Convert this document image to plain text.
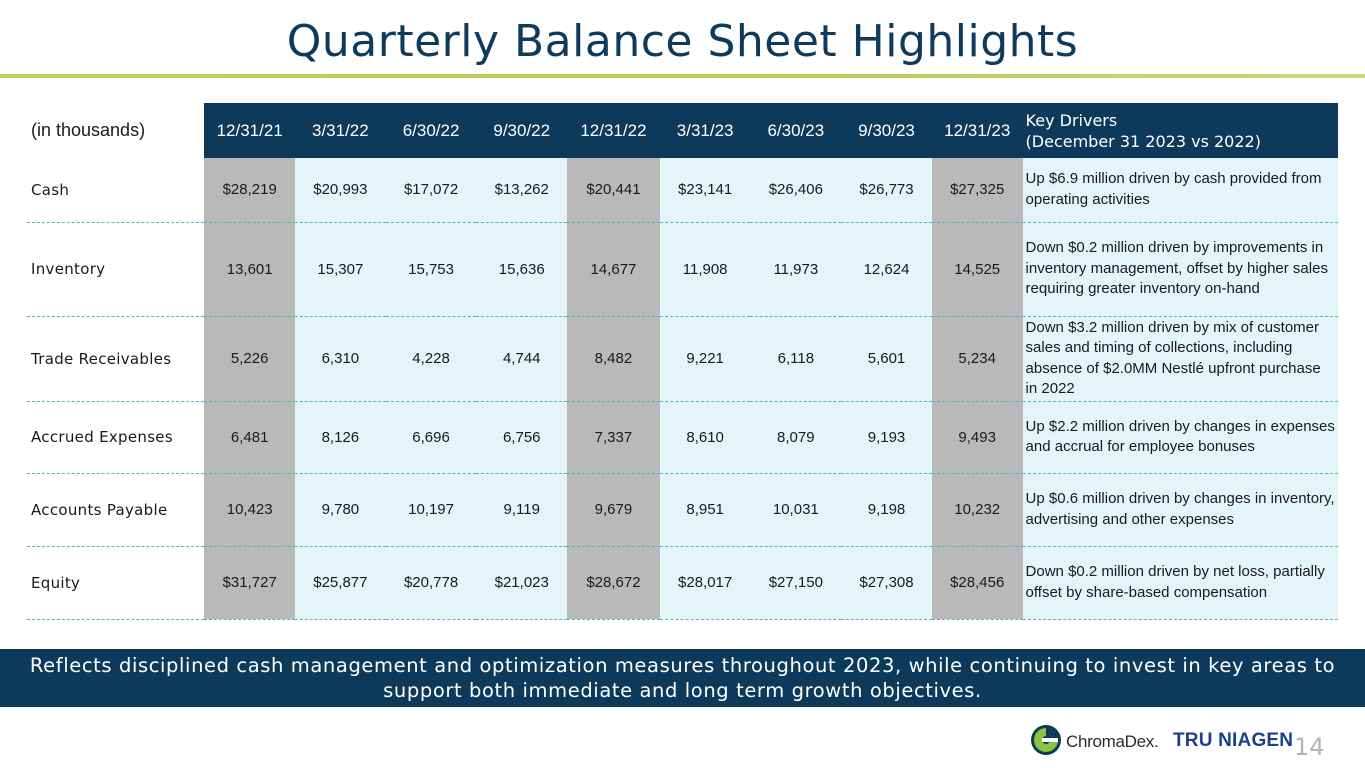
Quarterly Balance Sheet Highlights
(in thousands)	12/31/21	3/31/22	6/30/22	9/30/22	12/31/22	3/31/23	6/30/23	9/30/23	12/31/23	Key Drivers
(December 31 2023 vs 2022)
Cash	$28,219	$20,993	$17,072	$13,262	$20,441	$23,141	$26,406	$26,773	$27,325	Up $6.9 million driven by cash provided from operating activities
Inventory	13,601	15,307	15,753	15,636	14,677	11,908	11,973	12,624	14,525	Down $0.2 million driven by improvements in inventory management, offset by higher sales requiring greater inventory on-hand
Trade Receivables	5,226	6,310	4,228	4,744	8,482	9,221	6,118	5,601	5,234	Down $3.2 million driven by mix of customer sales and timing of collections, including absence of $2.0MM Nestlé upfront purchase in 2022
Accrued Expenses	6,481	8,126	6,696	6,756	7,337	8,610	8,079	9,193	9,493	Up $2.2 million driven by changes in expenses and accrual for employee bonuses
Accounts Payable	10,423	9,780	10,197	9,119	9,679	8,951	10,031	9,198	10,232	Up $0.6 million driven by changes in inventory, advertising and other expenses
Equity	$31,727	$25,877	$20,778	$21,023	$28,672	$28,017	$27,150	$27,308	$28,456	Down $0.2 million driven by net loss, partially offset by share-based compensation
Reflects disciplined cash management and optimization measures throughout 2023, while continuing to invest in key areas to support both immediate and long term growth objectives.
ChromaDex. TRU NIAGEN 14
